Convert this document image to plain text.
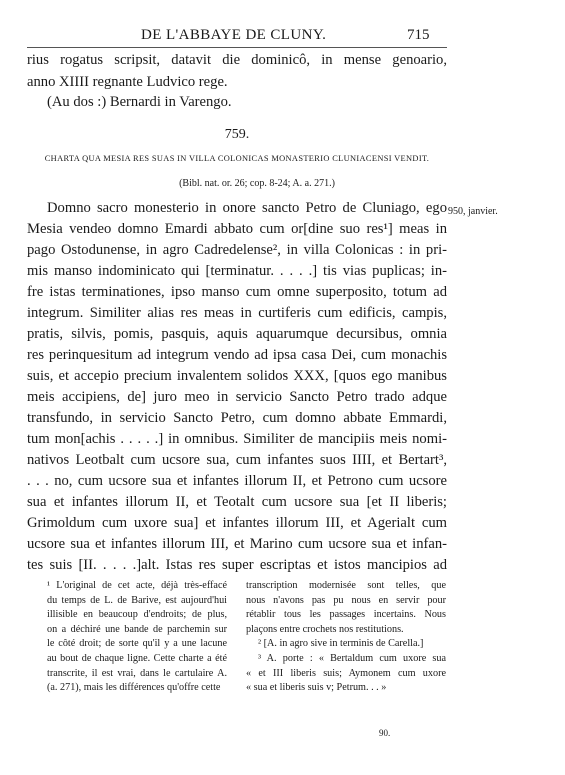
DE L'ABBAYE DE CLUNY.	715
rius rogatus scripsit, datavit die dominicô, in mense genoario,
anno XIIII regnante Ludvico rege.
(Au dos :) Bernardi in Varengo.
759.
CHARTA QUA MESIA RES SUAS IN VILLA COLONICAS MONASTERIO CLUNIACENSI VENDIT.
(Bibl. nat. or. 26; cop. 8-24; A. a. 271.)
950, janvier.
Domno sacro monesterio in onore sancto Petro de Cluniago, ego
Mesia vendeo domno Emardi abbato cum or[dine suo res¹] meas in
pago Ostodunense, in agro Cadredelense², in villa Colonicas : in pri-
mis manso indominicato qui [terminatur. . . . .] tis vias puplicas; in-
fre istas terminationes, ipso manso cum omne superposito, totum ad
integrum. Similiter alias res meas in curtiferis cum edificis, campis,
pratis, silvis, pomis, pasquis, aquis aquarumque decursibus, omnia
res perinquesitum ad integrum vendo ad ipsa casa Dei, cum monachis
suis, et accepio precium invalentem solidos XXX, [quos ego manibus
meis accipiens, de] juro meo in servicio Sancto Petro trado adque
transfundo, in servicio Sancto Petro, cum domno abbate Emmardi,
tum mon[achis . . . . .] in omnibus. Similiter de mancipiis meis nomi-
nativos Leotbalt cum ucsore sua, cum infantes suos IIII, et Bertart³,
. . . no, cum ucsore sua et infantes illorum II, et Petrono cum ucsore
sua et infantes illorum II, et Teotalt cum ucsore sua [et II liberis;
Grimoldum cum uxore sua] et infantes illorum III, et Agerialt cum
ucsore sua et infantes illorum III, et Marino cum ucsore sua et infan-
tes suis [II. . . . .]alt. Istas res super escriptas et istos mancipios ad
¹ L'original de cet acte, déjà très-effacé
du temps de L. de Barive, est aujourd'hui
illisible en beaucoup d'endroits; de plus,
on a déchiré une bande de parchemin sur
le côté droit; de sorte qu'il y a une lacune
au bout de chaque ligne. Cette charte a été
transcrite, il est vrai, dans le cartulaire A.
(a. 271), mais les différences qu'offre cette
transcription modernisée sont telles, que
nous n'avons pas pu nous en servir pour
rétablir tous les passages incertains. Nous
plaçons entre crochets nos restitutions.
² [A. in agro sive in terminis de Carella.]
³ A. porte : « Bertaldum cum uxore sua
« et III liberis suis; Aymonem cum uxore
« sua et liberis suis v; Petrum. . . »
90.
